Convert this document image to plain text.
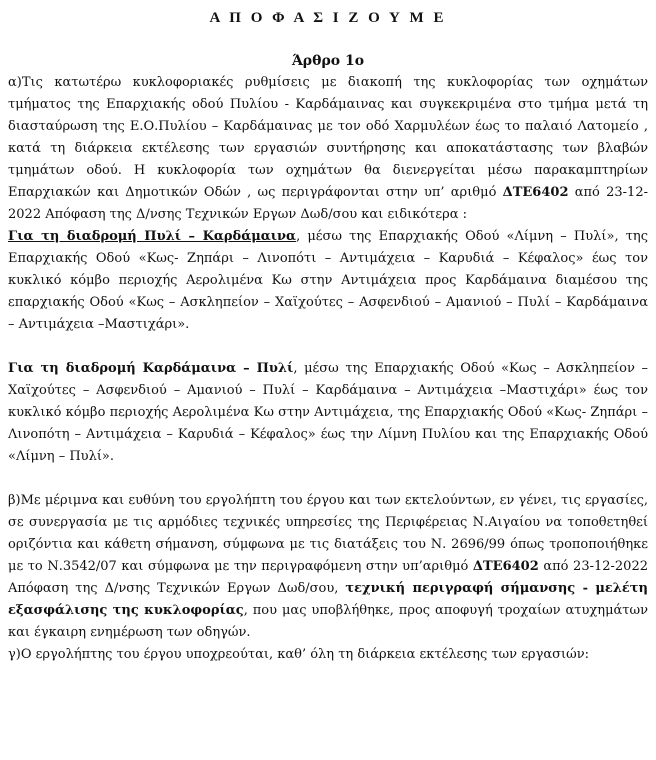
Α Π Ο Φ Α Σ Ι Ζ Ο Υ Μ Ε
Άρθρο 1ο

α)Τις κατωτέρω κυκλοφοριακές ρυθμίσεις με διακοπή της κυκλοφορίας των οχημάτων τμήματος της Επαρχιακής οδού Πυλίου - Καρδάμαινας και συγκεκριμένα στο τμήμα μετά τη διασταύρωση της Ε.Ο.Πυλίου – Καρδάμαινας με τον οδό Χαρμυλέων έως το παλαιό Λατομείο , κατά τη διάρκεια εκτέλεσης των εργασιών συντήρησης και αποκατάστασης των βλαβών τμημάτων οδού. Η κυκλοφορία των οχημάτων θα διενεργείται μέσω παρακαμπτηρίων Επαρχιακών και Δημοτικών Οδών , ως περιγράφονται στην υπ’ αριθμό ΔΤΕ6402 από 23-12-2022 Απόφαση της Δ/νσης Τεχνικών Εργων Δωδ/σου και ειδικότερα :

Για τη διαδρομή Πυλί – Καρδάμαινα, μέσω της Επαρχιακής Οδού «Λίμνη – Πυλί», της Επαρχιακής Οδού «Κως- Ζηπάρι – Λινοπότι – Αντιμάχεια – Καρυδιά – Κέφαλος» έως τον κυκλικό κόμβο περιοχής Αερολιμένα Κω στην Αντιμάχεια προς Καρδάμαινα διαμέσου της επαρχιακής Οδού «Κως – Ασκληπείον – Χαϊχούτες – Ασφενδιού – Αμανιού – Πυλί – Καρδάμαινα – Αντιμάχεια –Μαστιχάρι».

Για τη διαδρομή Καρδάμαινα – Πυλί, μέσω της Επαρχιακής Οδού «Κως – Ασκληπείον – Χαϊχούτες – Ασφενδιού – Αμανιού – Πυλί – Καρδάμαινα – Αντιμάχεια –Μαστιχάρι» έως τον κυκλικό κόμβο περιοχής Αερολιμένα Κω στην Αντιμάχεια, της Επαρχιακής Οδού «Κως- Ζηπάρι – Λινοπότη – Αντιμάχεια – Καρυδιά – Κέφαλος» έως την Λίμνη Πυλίου και της Επαρχιακής Οδού «Λίμνη – Πυλί».

β)Με μέριμνα και ευθύνη του εργολήπτη του έργου και των εκτελούντων, εν γένει, τις εργασίες, σε συνεργασία με τις αρμόδιες τεχνικές υπηρεσίες της Περιφέρειας Ν.Αιγαίου να τοποθετηθεί οριζόντια και κάθετη σήμανση, σύμφωνα με τις διατάξεις του Ν. 2696/99 όπως τροποποιήθηκε με το Ν.3542/07 και σύμφωνα με την περιγραφόμενη στην υπ’αριθμό ΔΤΕ6402 από 23-12-2022 Απόφαση της Δ/νσης Τεχνικών Εργων Δωδ/σου, τεχνική περιγραφή σήμανσης - μελέτη εξασφάλισης της κυκλοφορίας, που μας υποβλήθηκε, προς αποφυγή τροχαίων ατυχημάτων και έγκαιρη ενημέρωση των οδηγών.

γ)Ο εργολήπτης του έργου υποχρεούται, καθ’ όλη τη διάρκεια εκτέλεσης των εργασιών:
